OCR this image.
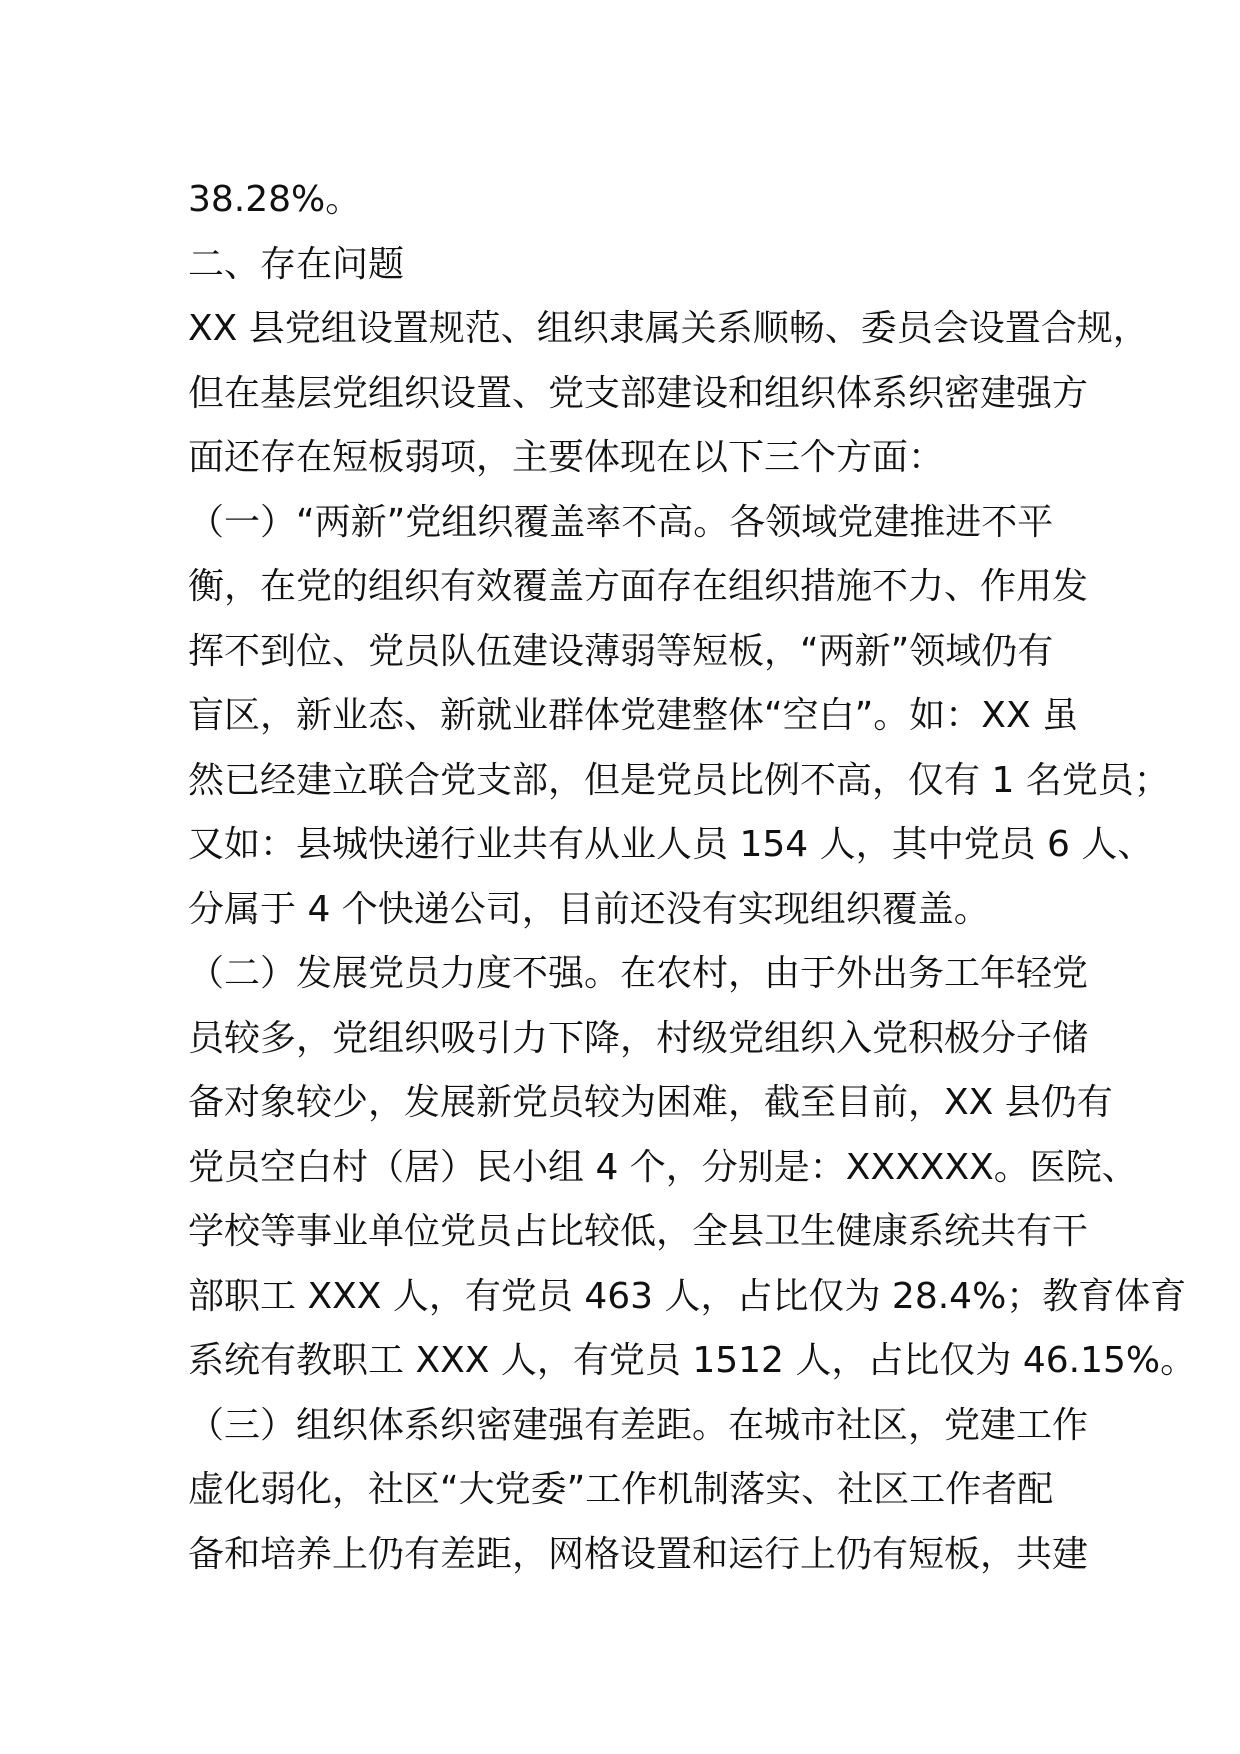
38.28%。
二、存在问题
XX 县党组设置规范、组织隶属关系顺畅、委员会设置合规，
但在基层党组织设置、党支部建设和组织体系织密建强方
面还存在短板弱项，主要体现在以下三个方面：
（一）“两新”党组织覆盖率不高。各领域党建推进不平
衡，在党的组织有效覆盖方面存在组织措施不力、作用发
挥不到位、党员队伍建设薄弱等短板，“两新”领域仍有
盲区，新业态、新就业群体党建整体“空白”。如：XX 虽
然已经建立联合党支部，但是党员比例不高，仅有 1 名党员；
又如：县城快递行业共有从业人员 154 人，其中党员 6 人、
分属于 4 个快递公司，目前还没有实现组织覆盖。
（二）发展党员力度不强。在农村，由于外出务工年轻党
员较多，党组织吸引力下降，村级党组织入党积极分子储
备对象较少，发展新党员较为困难，截至目前，XX 县仍有
党员空白村（居）民小组 4 个，分别是：XXXXXX。医院、
学校等事业单位党员占比较低，全县卫生健康系统共有干
部职工 XXX 人，有党员 463 人，占比仅为 28.4%；教育体育
系统有教职工 XXX 人，有党员 1512 人，占比仅为 46.15%。
（三）组织体系织密建强有差距。在城市社区，党建工作
虚化弱化，社区“大党委”工作机制落实、社区工作者配
备和培养上仍有差距，网格设置和运行上仍有短板，共建
